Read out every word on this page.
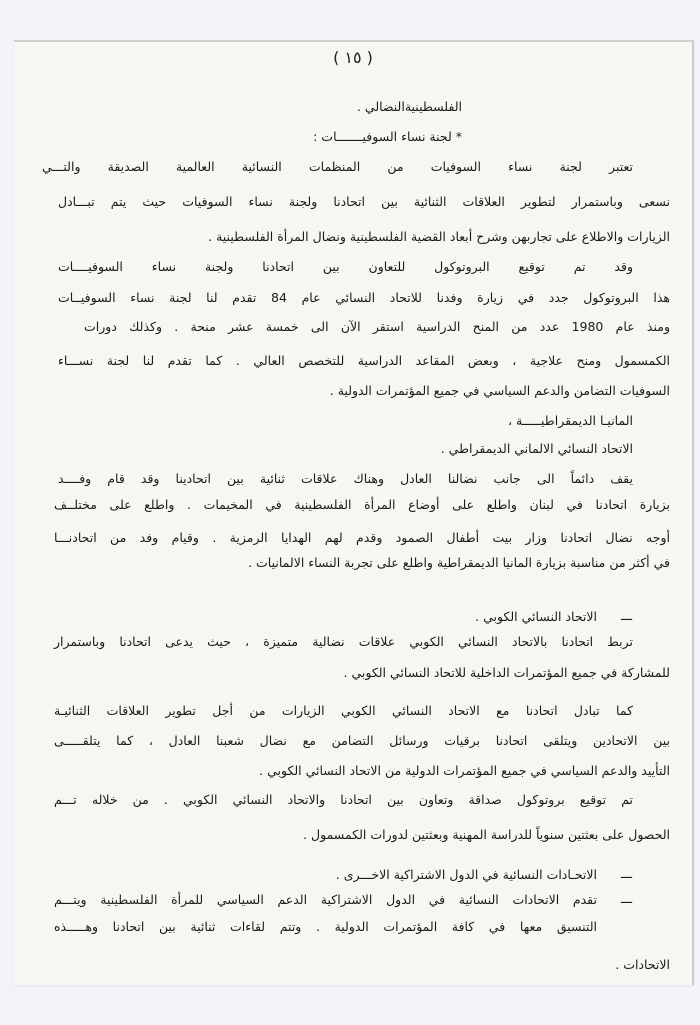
( ١٥ )
الفلسطينيةالنضالي .
* لجنة نساء السوفيـــــــات :
تعتبر لجنة نساء السوفيات من المنظمات النسائية العالمية الصديقة والتـــي
نسعى وباستمرار لتطوير العلاقات الثنائية بين اتحادنا ولجنة نساء السوفيات حيث يتم تبـــادل
الزيارات والاطلاع على تجاربهن وشرح أبعاد القضية الفلسطينية ونضال المرأة الفلسطينية .
وقد تم توقيع البروتوكول للتعاون بين اتحادنا ولجنة نساء السوفيــــات
هذا البروتوكول جدد في زيارة وفدنا للاتحاد النسائي عام 84 تقدم لنا لجنة نساء السوفيــات
ومنذ عام 1980 عدد من المنح الدراسية استقر الآن الى خمسة عشر منحة . وكذلك دورات
الكمسمول ومنح علاجية ، وبعض المقاعد الدراسية للتخصص العالي . كما تقدم لنا لجنة نســـاء
السوفيات التضامن والدعم السياسي في جميع المؤتمرات الدولية .
المانيـا الديمقراطيـــــة ،
الاتحاد النسائي الالماني الديمقراطي .
يقف دائماً الى جانب نضالنا العادل وهناك علاقات ثنائية بين اتحادينا وقد قام وفــــد
بزيارة اتحادنا في لبنان واطلع على أوضاع المرأة الفلسطينية في المخيمات . واطلع على مختلــف
أوجه نضال اتحادنا وزار بيت أطفال الصمود وقدم لهم الهدايا الرمزية . وقيام وفد من اتحادنـــا
في أكثر من مناسبة بزيارة المانيا الديمقراطية واطلع على تجربة النساء الالمانيات .
الاتحاد النسائي الكوبي . ـــ
تربط اتحادنا بالاتحاد النسائي الكوبي علاقات نضالية متميزة ، حيث يدعى اتحادنا وباستمرار
للمشاركة في جميع المؤتمرات الداخلية للاتحاد النسائي الكوبي .
كما تبادل اتحادنا مع الاتحاد النسائي الكوبي الزيارات من أجل تطوير العلاقات الثنائيـة
بين الاتحادين ويتلقى اتحادنا برقيات ورسائل التضامن مع نضال شعبنا العادل ، كما يتلقـــــى
التأييد والدعم السياسي في جميع المؤتمرات الدولية من الاتحاد النسائي الكوبي .
تم توقيع بروتوكول صداقة وتعاون بين اتحادنا والاتحاد النسائي الكوبي . من خلاله تـــم
الحصول على بعثتين سنوياً للدراسة المهنية وبعثتين لدورات الكمسمول .
الاتحـادات النسائية في الدول الاشتراكية الاخـــرى . ـــ
تقدم الاتحادات النسائية في الدول الاشتراكية الدعم السياسي للمرأة الفلسطينية ويتـــم ـــ
التنسيق معها في كافة المؤتمرات الدولية . وتتم لقاءات ثنائية بين اتحادنا وهـــــذه
الاتحادات .
